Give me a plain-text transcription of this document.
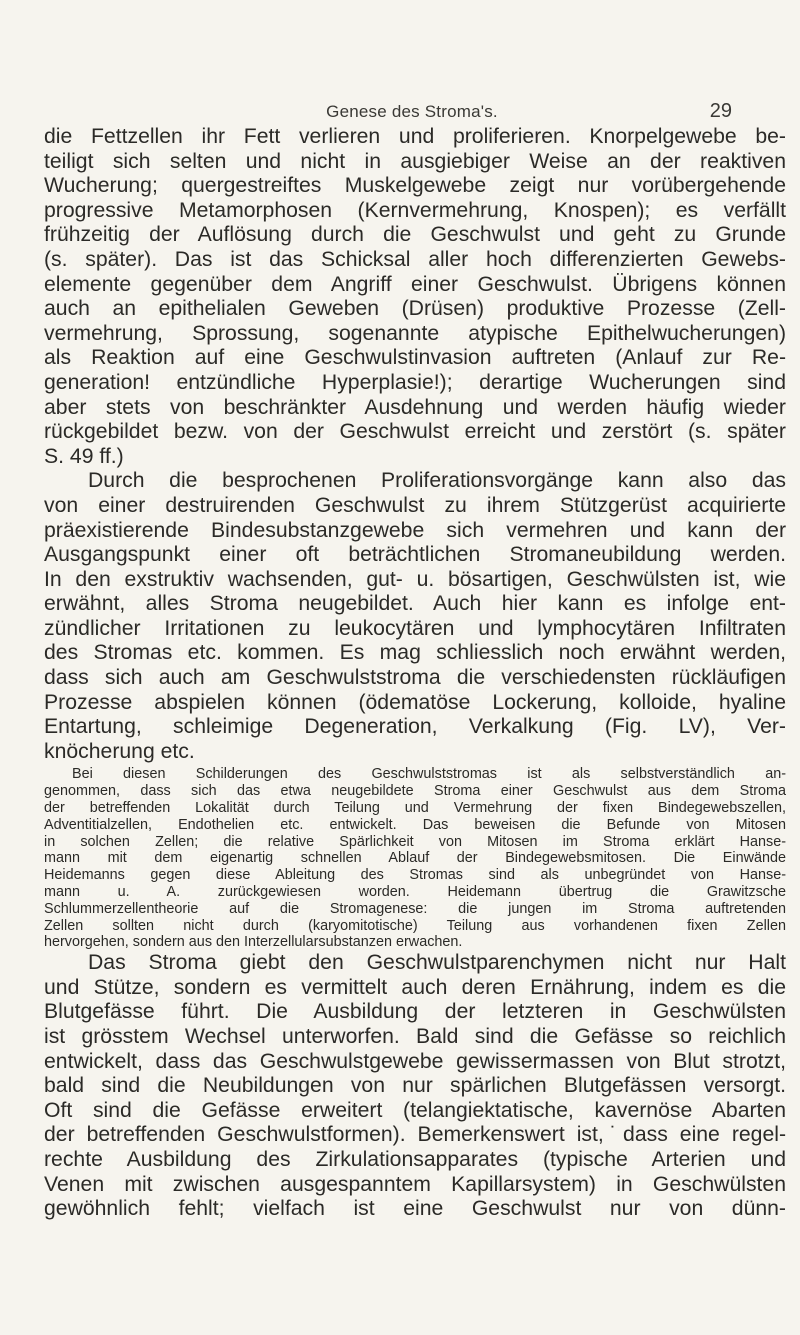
Genese des Stroma's.	29
die Fettzellen ihr Fett verlieren und proliferieren. Knorpelgewebe be-
teiligt sich selten und nicht in ausgiebiger Weise an der reaktiven
Wucherung; quergestreiftes Muskelgewebe zeigt nur vorübergehende
progressive Metamorphosen (Kernvermehrung, Knospen); es verfällt
frühzeitig der Auflösung durch die Geschwulst und geht zu Grunde
(s. später). Das ist das Schicksal aller hoch differenzierten Gewebs-
elemente gegenüber dem Angriff einer Geschwulst. Übrigens können
auch an epithelialen Geweben (Drüsen) produktive Prozesse (Zell-
vermehrung, Sprossung, sogenannte atypische Epithelwucherungen)
als Reaktion auf eine Geschwulstinvasion auftreten (Anlauf zur Re-
generation! entzündliche Hyperplasie!); derartige Wucherungen sind
aber stets von beschränkter Ausdehnung und werden häufig wieder
rückgebildet bezw. von der Geschwulst erreicht und zerstört (s. später
S. 49 ff.)
Durch die besprochenen Proliferationsvorgänge kann also das
von einer destruirenden Geschwulst zu ihrem Stützgerüst acquirierte
präexistierende Bindesubstanzgewebe sich vermehren und kann der
Ausgangspunkt einer oft beträchtlichen Stromaneubildung werden.
In den exstruktiv wachsenden, gut- u. bösartigen, Geschwülsten ist, wie
erwähnt, alles Stroma neugebildet. Auch hier kann es infolge ent-
zündlicher Irritationen zu leukocytären und lymphocytären Infiltraten
des Stromas etc. kommen. Es mag schliesslich noch erwähnt werden,
dass sich auch am Geschwulststroma die verschiedensten rückläufigen
Prozesse abspielen können (ödematöse Lockerung, kolloide, hyaline
Entartung, schleimige Degeneration, Verkalkung (Fig. LV), Ver-
knöcherung etc.
Bei diesen Schilderungen des Geschwulststromas ist als selbstverständlich an-
genommen, dass sich das etwa neugebildete Stroma einer Geschwulst aus dem Stroma
der betreffenden Lokalität durch Teilung und Vermehrung der fixen Bindegewebszellen,
Adventitialzellen, Endothelien etc. entwickelt. Das beweisen die Befunde von Mitosen
in solchen Zellen; die relative Spärlichkeit von Mitosen im Stroma erklärt Hanse-
mann mit dem eigenartig schnellen Ablauf der Bindegewebsmitosen. Die Einwände
Heidemanns gegen diese Ableitung des Stromas sind als unbegründet von Hanse-
mann u. A. zurückgewiesen worden. Heidemann übertrug die Grawitzsche
Schlummerzellentheorie auf die Stromagenese: die jungen im Stroma auftretenden
Zellen sollten nicht durch (karyomitotische) Teilung aus vorhandenen fixen Zellen
hervorgehen, sondern aus den Interzellularsubstanzen erwachen.
Das Stroma giebt den Geschwulstparenchymen nicht nur Halt
und Stütze, sondern es vermittelt auch deren Ernährung, indem es die
Blutgefässe führt. Die Ausbildung der letzteren in Geschwülsten
ist grösstem Wechsel unterworfen. Bald sind die Gefässe so reichlich
entwickelt, dass das Geschwulstgewebe gewissermassen von Blut strotzt,
bald sind die Neubildungen von nur spärlichen Blutgefässen versorgt.
Oft sind die Gefässe erweitert (telangiektatische, kavernöse Abarten
der betreffenden Geschwulstformen). Bemerkenswert ist,˙dass eine regel-
rechte Ausbildung des Zirkulationsapparates (typische Arterien und
Venen mit zwischen ausgespanntem Kapillarsystem) in Geschwülsten
gewöhnlich fehlt; vielfach ist eine Geschwulst nur von dünn-
